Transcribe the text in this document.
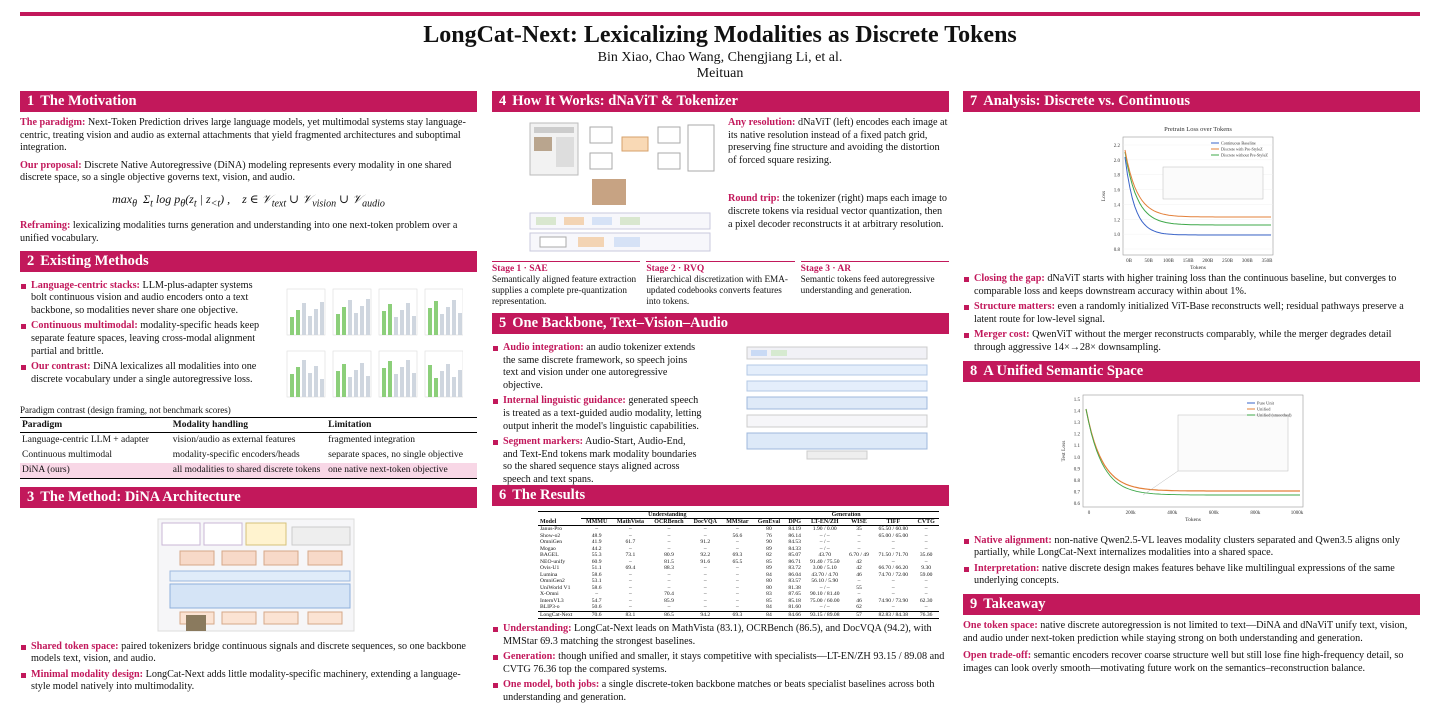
LongCat-Next: Lexicalizing Modalities as Discrete Tokens
Bin Xiao, Chao Wang, Chengjiang Li, et al.
Meituan
1 The Motivation

The paradigm: Next-Token Prediction drives large language models, yet multimodal systems stay language-centric, treating vision and audio as external attachments that yield fragmented architectures and suboptimal integration.

Our proposal: Discrete Native Autoregressive (DiNA) modeling represents every modality in one shared discrete space, so a single objective governs text, vision, and audio.

$\max_\theta \Sigma_t$ $\log p_\theta(z_t$ | $z_{<t}$) ,    z ∈ 𝒱$_{text}$ ∪ 𝒱$_{vision}$ ∪ 𝒱$_{audio}$

Reframing: lexicalizing modalities turns generation and understanding into one next-token problem over a unified vocabulary.

2 Existing Methods
Language-centric stacks: LLM-plus-adapter systems bolt continuous vision and audio encoders onto a text backbone, so modalities never share one objective.
Continuous multimodal: modality-specific heads keep separate feature spaces, leaving cross-modal alignment partial and brittle.
Our contrast: DiNA lexicalizes all modalities into one discrete vocabulary under a single autoregressive loss.
Paradigm contrast (design framing, not benchmark scores)
Paradigm	Modality handling	Limitation
Language-centric LLM + adapter	vision/audio as external features	fragmented integration
Continuous multimodal	modality-specific encoders/heads	separate spaces, no single objective
DiNA (ours)	all modalities to shared discrete tokens	one native next-token objective
3 The Method: DiNA Architecture
Shared token space: paired tokenizers bridge continuous signals and discrete sequences, so one backbone models text, vision, and audio.
Minimal modality design: LongCat-Next adds little modality-specific machinery, extending a language-style model natively into multimodality.
4 How It Works: dNaViT & Tokenizer

Any resolution: dNaViT (left) encodes each image at its native resolution instead of a fixed patch grid, preserving fine structure and avoiding the distortion of forced square resizing.

Round trip: the tokenizer (right) maps each image to discrete tokens via residual vector quantization, then a pixel decoder reconstructs it at arbitrary resolution.

Stage 1 · SAE
Semantically aligned feature extraction supplies a complete pre-quantization representation.
Stage 2 · RVQ
Hierarchical discretization with EMA-updated codebooks converts features into tokens.
Stage 3 · AR
Semantic tokens feed autoregressive understanding and generation.
5 One Backbone, Text–Vision–Audio
Audio integration: an audio tokenizer extends the same discrete framework, so speech joins text and vision under one autoregressive objective.
Internal linguistic guidance: generated speech is treated as a text-guided audio modality, letting output inherit the model's linguistic capabilities.
Segment markers: Audio-Start, Audio-End, and Text-End tokens mark modality boundaries so the shared sequence stays aligned across speech and text spans.
6 The Results
	Understanding					Generation					
Model	MMMU	MathVista	OCRBench	DocVQA	MMStar	GenEval	DPG	LT-EN/ZH	WISE	TIFF	CVTG
Janus-Pro	–	–	–	–	–	80	84.19	1.90 / 0.00	35	65.50 / 60.80	–
Show-o2	48.9	–	–	–	56.6	76	86.14	– / –	–	65.00 / 65.00	–
OmniGen	41.9	61.7	–	91.2	–	90	84.53	– / –	–	–	–
Mogao	44.2	–	–	–	–	89	84.33	– / –	–	–	–
BAGEL	55.3	73.1	80.9	92.2	69.3	82	85.07	43.70	6.70 / 49	71.50 / 71.70	35.60
NEO-unify	60.9	–	81.5	91.6	65.5	85	86.71	91.40 / 75.50	42	–	–
Ovis-U1	51.1	69.4	88.3	–	–	89	83.72	3.00 / 5.10	42	66.70 / 66.20	9.30
Lumina	58.6	–	–	–	–	84	86.04	43.70 / 4.70	46	74.70 / 72.00	59.00
OmniGen2	53.1	–	–	–	–	80	83.57	56.10 / 5.90	–	–	–
UniWorld V1	58.6	–	–	–	–	80	81.38	– / –	55	–	–
X-Omni	–	–	70.4	–	–	83	87.65	90.10 / 81.40	–	–	–
InternVL3	54.7	–	85.9	–	–	85	85.18	75.00 / 60.00	46	74.90 / 73.90	62.30
BLIP3-o	50.6	–	–	–	–	84	81.60	– / –	62	–	–
LongCat-Next	70.6	83.1	86.5	94.2	69.3	84	84.66	93.15 / 89.08	57	82.83 / 84.38	76.36
Understanding: LongCat-Next leads on MathVista (83.1), OCRBench (86.5), and DocVQA (94.2), with MMStar 69.3 matching the strongest baselines.
Generation: though unified and smaller, it stays competitive with specialists—LT-EN/ZH 93.15 / 89.08 and CVTG 76.36 top the compared systems.
One model, both jobs: a single discrete-token backbone matches or beats specialist baselines across both understanding and generation.
7 Analysis: Discrete vs. Continuous
Pretrain Loss over Tokens
2.2
2.0
1.8
1.6
1.4
1.2
1.0
0.8
0B	50B 100B 150B 200B 250B 300B 350B
Tokens
Loss
Continuous Baseline
Discrete with Pre-StyleZ
Discrete without Pre-StyleZ
Closing the gap: dNaViT starts with higher training loss than the continuous baseline, but converges to comparable loss and keeps downstream accuracy within about 1%.
Structure matters: even a randomly initialized ViT-Base reconstructs well; residual pathways preserve a latent route for low-level signal.
Merger cost: QwenViT without the merger reconstructs comparably, while the merger degrades detail through aggressive 14×→28× downsampling.
8 A Unified Semantic Space
1.5
1.4
1.3
1.2
1.1
1.0
0.9
0.8
0.7
0.6
0	200k	400k	600k	800k	1000k
Tokens
Test Loss
Pure Unit
Unified
Unified (smoothed)
Native alignment: non-native Qwen2.5-VL leaves modality clusters separated and Qwen3.5 aligns only partially, while LongCat-Next internalizes modalities into a shared space.
Interpretation: native discrete design makes features behave like multilingual expressions of the same underlying concepts.
9 Takeaway

One token space: native discrete autoregression is not limited to text—DiNA and dNaViT unify text, vision, and audio under next-token prediction while staying strong on both understanding and generation.

Open trade-off: semantic encoders recover coarse structure well but still lose fine high-frequency detail, so images can look overly smooth—motivating future work on the semantics–reconstruction balance.
